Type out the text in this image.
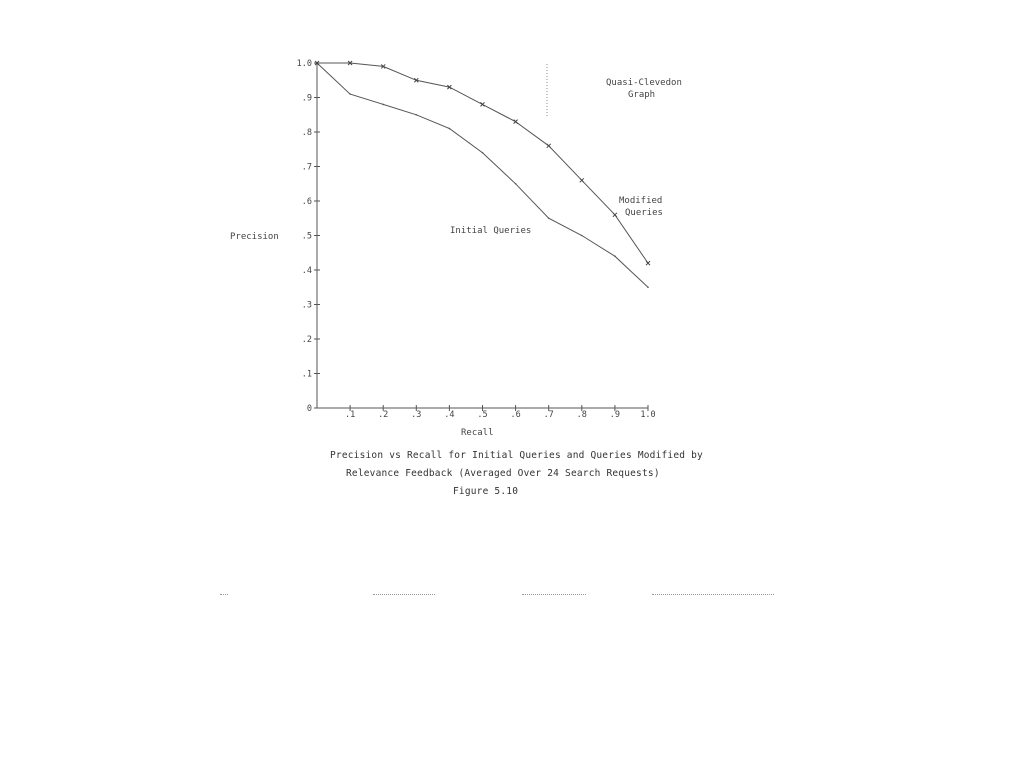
0
.1
.2
.3
.4
.5
.6
.7
.8
.9
1.0
.1	.2	.3	.4	.5	.6	.7	.8	.9 1.0
Precision
Recall
Initial Queries
Modified
Queries
Quasi-Clevedon
Graph
Precision vs Recall for Initial Queries and Queries Modified by
Relevance Feedback (Averaged Over 24 Search Requests)
Figure 5.10
